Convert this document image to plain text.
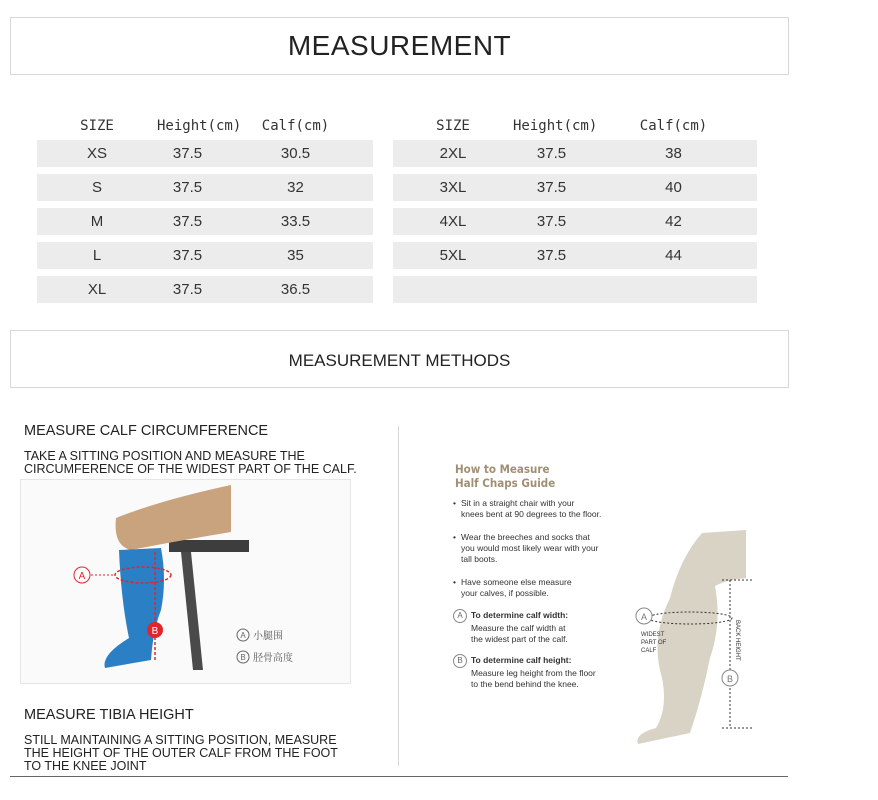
MEASUREMENT
SIZE	Height(cm)	Calf(cm)
XS	37.5	30.5
S	37.5	32
M	37.5	33.5
L	37.5	35
XL	37.5	36.5
SIZE	Height(cm)	Calf(cm)
2XL	37.5	38
3XL	37.5	40
4XL	37.5	42
5XL	37.5	44
MEASUREMENT METHODS
MEASURE CALF CIRCUMFERENCE
TAKE A SITTING POSITION AND MEASURE THE
CIRCUMFERENCE OF THE WIDEST PART OF THE CALF.
A
B	A 小腿围
B 胫骨高度
MEASURE TIBIA HEIGHT
STILL MAINTAINING A SITTING POSITION, MEASURE
THE HEIGHT OF THE OUTER CALF FROM THE FOOT
TO THE KNEE JOINT
How to Measure
Half Chaps Guide
• Sit in a straight chair with your
knees bent at 90 degrees to the floor.
• Wear the breeches and socks that
you would most likely wear with your
tall boots.
• Have someone else measure
your calves, if possible.
A To determine calf width:
Measure the calf width at
the widest part of the calf.
B To determine calf height:
Measure leg height from the floor
to the bend behind the knee.
A
B
WIDEST
PART OF
CALF	BACK HEIGHT
